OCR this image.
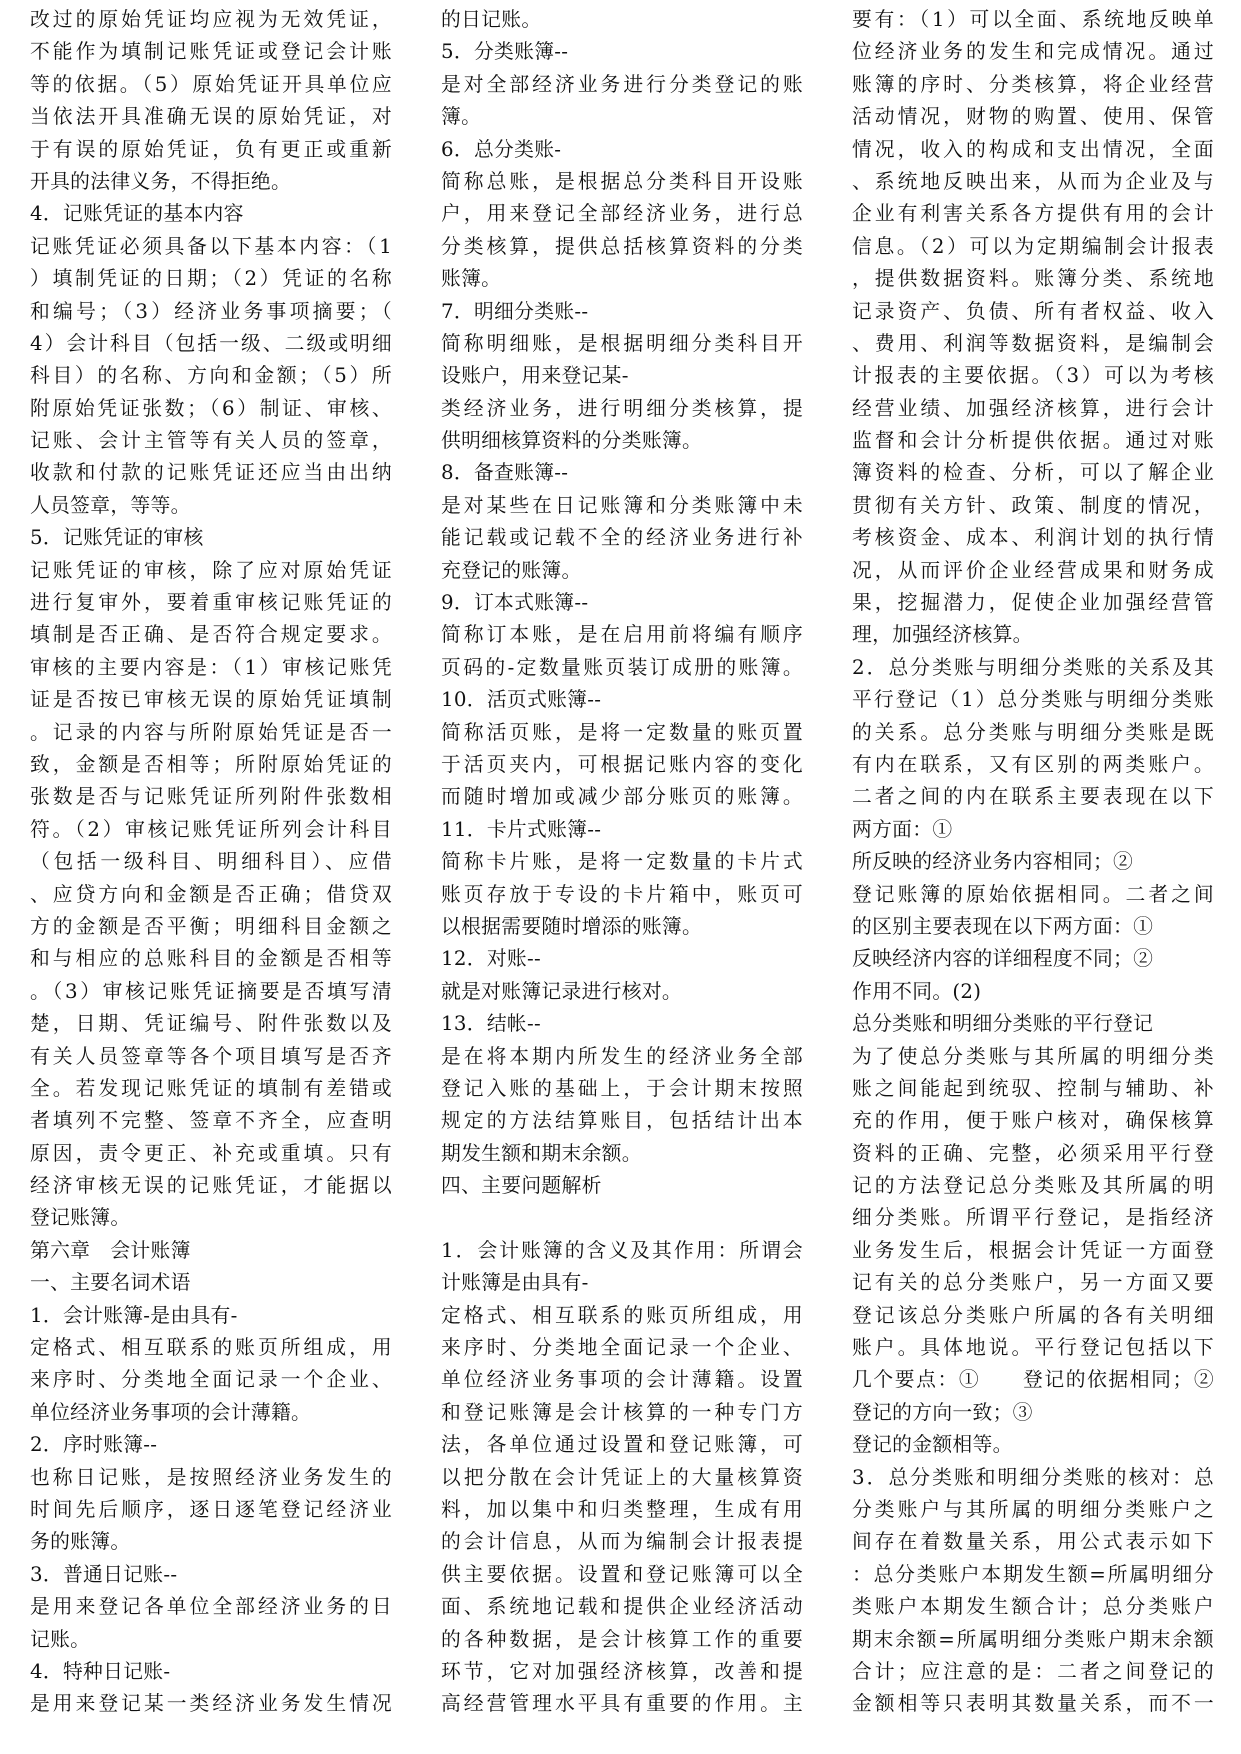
改过的原始凭证均应视为无效凭证，
不能作为填制记账凭证或登记会计账
等的依据。（5）原始凭证开具单位应
当依法开具准确无误的原始凭证，对
于有误的原始凭证，负有更正或重新
开具的法律义务，不得拒绝。
4．记账凭证的基本内容
记账凭证必须具备以下基本内容：（1
）填制凭证的日期；（2）凭证的名称
和编号；（3）经济业务事项摘要；（
4）会计科目（包括一级、二级或明细
科目）的名称、方向和金额；（5）所
附原始凭证张数；（6）制证、审核、
记账、会计主管等有关人员的签章，
收款和付款的记账凭证还应当由出纳
人员签章，等等。
5．记账凭证的审核
记账凭证的审核，除了应对原始凭证
进行复审外，要着重审核记账凭证的
填制是否正确、是否符合规定要求。
审核的主要内容是：（1）审核记账凭
证是否按已审核无误的原始凭证填制
。记录的内容与所附原始凭证是否一
致，金额是否相等；所附原始凭证的
张数是否与记账凭证所列附件张数相
符。（2）审核记账凭证所列会计科目
（包括一级科目、明细科目）、应借
、应贷方向和金额是否正确；借贷双
方的金额是否平衡；明细科目金额之
和与相应的总账科目的金额是否相等
。（3）审核记账凭证摘要是否填写清
楚，日期、凭证编号、附件张数以及
有关人员签章等各个项目填写是否齐
全。若发现记账凭证的填制有差错或
者填列不完整、签章不齐全，应查明
原因，责令更正、补充或重填。只有
经济审核无误的记账凭证，才能据以
登记账簿。
第六章　会计账簿
一、主要名词术语
1．会计账簿-是由具有-
定格式、相互联系的账页所组成，用
来序时、分类地全面记录一个企业、
单位经济业务事项的会计薄籍。
2．序时账簿--
也称日记账，是按照经济业务发生的
时间先后顺序，逐日逐笔登记经济业
务的账簿。
3．普通日记账--
是用来登记各单位全部经济业务的日
记账。
4．特种日记账-
是用来登记某一类经济业务发生情况
的日记账。
5．分类账簿--
是对全部经济业务进行分类登记的账
簿。
6．总分类账-
简称总账，是根据总分类科目开设账
户，用来登记全部经济业务，进行总
分类核算，提供总括核算资料的分类
账簿。
7．明细分类账--
简称明细账，是根据明细分类科目开
设账户，用来登记某-
类经济业务，进行明细分类核算，提
供明细核算资料的分类账簿。
8．备查账簿--
是对某些在日记账簿和分类账簿中未
能记载或记载不全的经济业务进行补
充登记的账簿。
9．订本式账簿--
简称订本账，是在启用前将编有顺序
页码的-定数量账页装订成册的账簿。
10．活页式账簿--
简称活页账，是将一定数量的账页置
于活页夹内，可根据记账内容的变化
而随时增加或减少部分账页的账簿。
11．卡片式账簿--
简称卡片账，是将一定数量的卡片式
账页存放于专设的卡片箱中，账页可
以根据需要随时增添的账簿。
12．对账--
就是对账簿记录进行核对。
13．结帐--
是在将本期内所发生的经济业务全部
登记入账的基础上，于会计期末按照
规定的方法结算账目，包括结计出本
期发生额和期末余额。
四、主要问题解析
1．会计账簿的含义及其作用：所谓会
计账簿是由具有-
定格式、相互联系的账页所组成，用
来序时、分类地全面记录一个企业、
单位经济业务事项的会计薄籍。设置
和登记账簿是会计核算的一种专门方
法，各单位通过设置和登记账簿，可
以把分散在会计凭证上的大量核算资
料，加以集中和归类整理，生成有用
的会计信息，从而为编制会计报表提
供主要依据。设置和登记账簿可以全
面、系统地记载和提供企业经济活动
的各种数据，是会计核算工作的重要
环节，它对加强经济核算，改善和提
高经营管理水平具有重要的作用。主
要有：（1）可以全面、系统地反映单
位经济业务的发生和完成情况。通过
账簿的序时、分类核算，将企业经营
活动情况，财物的购置、使用、保管
情况，收入的构成和支出情况，全面
、系统地反映出来，从而为企业及与
企业有利害关系各方提供有用的会计
信息。（2）可以为定期编制会计报表
，提供数据资料。账簿分类、系统地
记录资产、负债、所有者权益、收入
、费用、利润等数据资料，是编制会
计报表的主要依据。（3）可以为考核
经营业绩、加强经济核算，进行会计
监督和会计分析提供依据。通过对账
簿资料的检查、分析，可以了解企业
贯彻有关方针、政策、制度的情况，
考核资金、成本、利润计划的执行情
况，从而评价企业经营成果和财务成
果，挖掘潜力，促使企业加强经营管
理，加强经济核算。
2．总分类账与明细分类账的关系及其
平行登记（1）总分类账与明细分类账
的关系。总分类账与明细分类账是既
有内在联系，又有区别的两类账户。
二者之间的内在联系主要表现在以下
两方面：①
所反映的经济业务内容相同；②
登记账簿的原始依据相同。二者之间
的区别主要表现在以下两方面：①
反映经济内容的详细程度不同；②
作用不同。(2)
总分类账和明细分类账的平行登记
为了使总分类账与其所属的明细分类
账之间能起到统驭、控制与辅助、补
充的作用，便于账户核对，确保核算
资料的正确、完整，必须采用平行登
记的方法登记总分类账及其所属的明
细分类账。所谓平行登记，是指经济
业务发生后，根据会计凭证一方面登
记有关的总分类账户，另一方面又要
登记该总分类账户所属的各有关明细
账户。具体地说。平行登记包括以下
几个要点：①　　登记的依据相同；②
登记的方向一致；③
登记的金额相等。
3．总分类账和明细分类账的核对：总
分类账户与其所属的明细分类账户之
间存在着数量关系，用公式表示如下
：总分类账户本期发生额=所属明细分
类账户本期发生额合计；总分类账户
期末余额=所属明细分类账户期末余额
合计；应注意的是：二者之间登记的
金额相等只表明其数量关系，而不一
